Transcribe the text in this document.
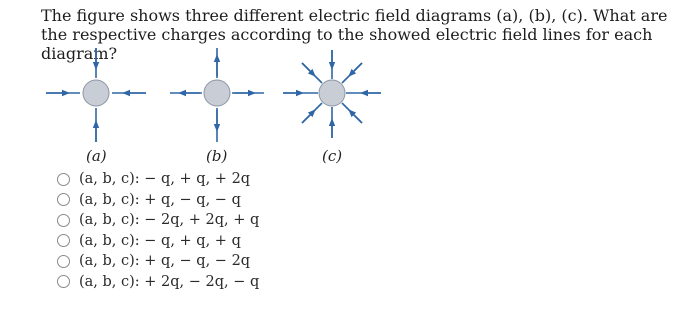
The figure shows three different electric field diagrams (a), (b), (c). What are the respective charges according to the showed electric field lines for each diagram?
(a)	(b)	(c)
(a, b, c): − q, + q, + 2q
(a, b, c): + q, − q, − q
(a, b, c): − 2q, + 2q, + q
(a, b, c): − q, + q, + q
(a, b, c): + q, − q, − 2q
(a, b, c): + 2q, − 2q, − q
